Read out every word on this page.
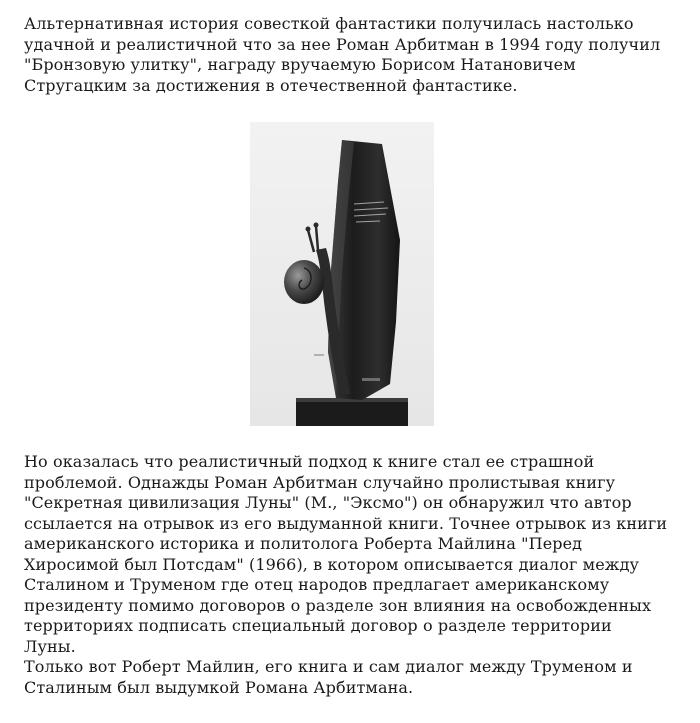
Альтернативная история совесткой фантастики получилась настолько
удачной и реалистичной что за нее Роман Арбитман в 1994 году получил
"Бронзовую улитку", награду вручаемую Борисом Натановичем
Стругацким за достижения в отечественной фантастике.

Но оказалась что реалистичный подход к книге стал ее страшной
проблемой. Однажды Роман Арбитман случайно пролистывая книгу
"Секретная цивилизация Луны" (М., "Эксмо") он обнаружил что автор
ссылается на отрывок из его выдуманной книги. Точнее отрывок из книги
американского историка и политолога Роберта Майлина "Перед
Хиросимой был Потсдам" (1966), в котором описывается диалог между
Сталином и Труменом где отец народов предлагает американскому
президенту помимо договоров о разделе зон влияния на освобожденных
территориях подписать специальный договор о разделе территории
Луны.
Только вот Роберт Майлин, его книга и сам диалог между Труменом и
Сталиным был выдумкой Романа Арбитмана.
